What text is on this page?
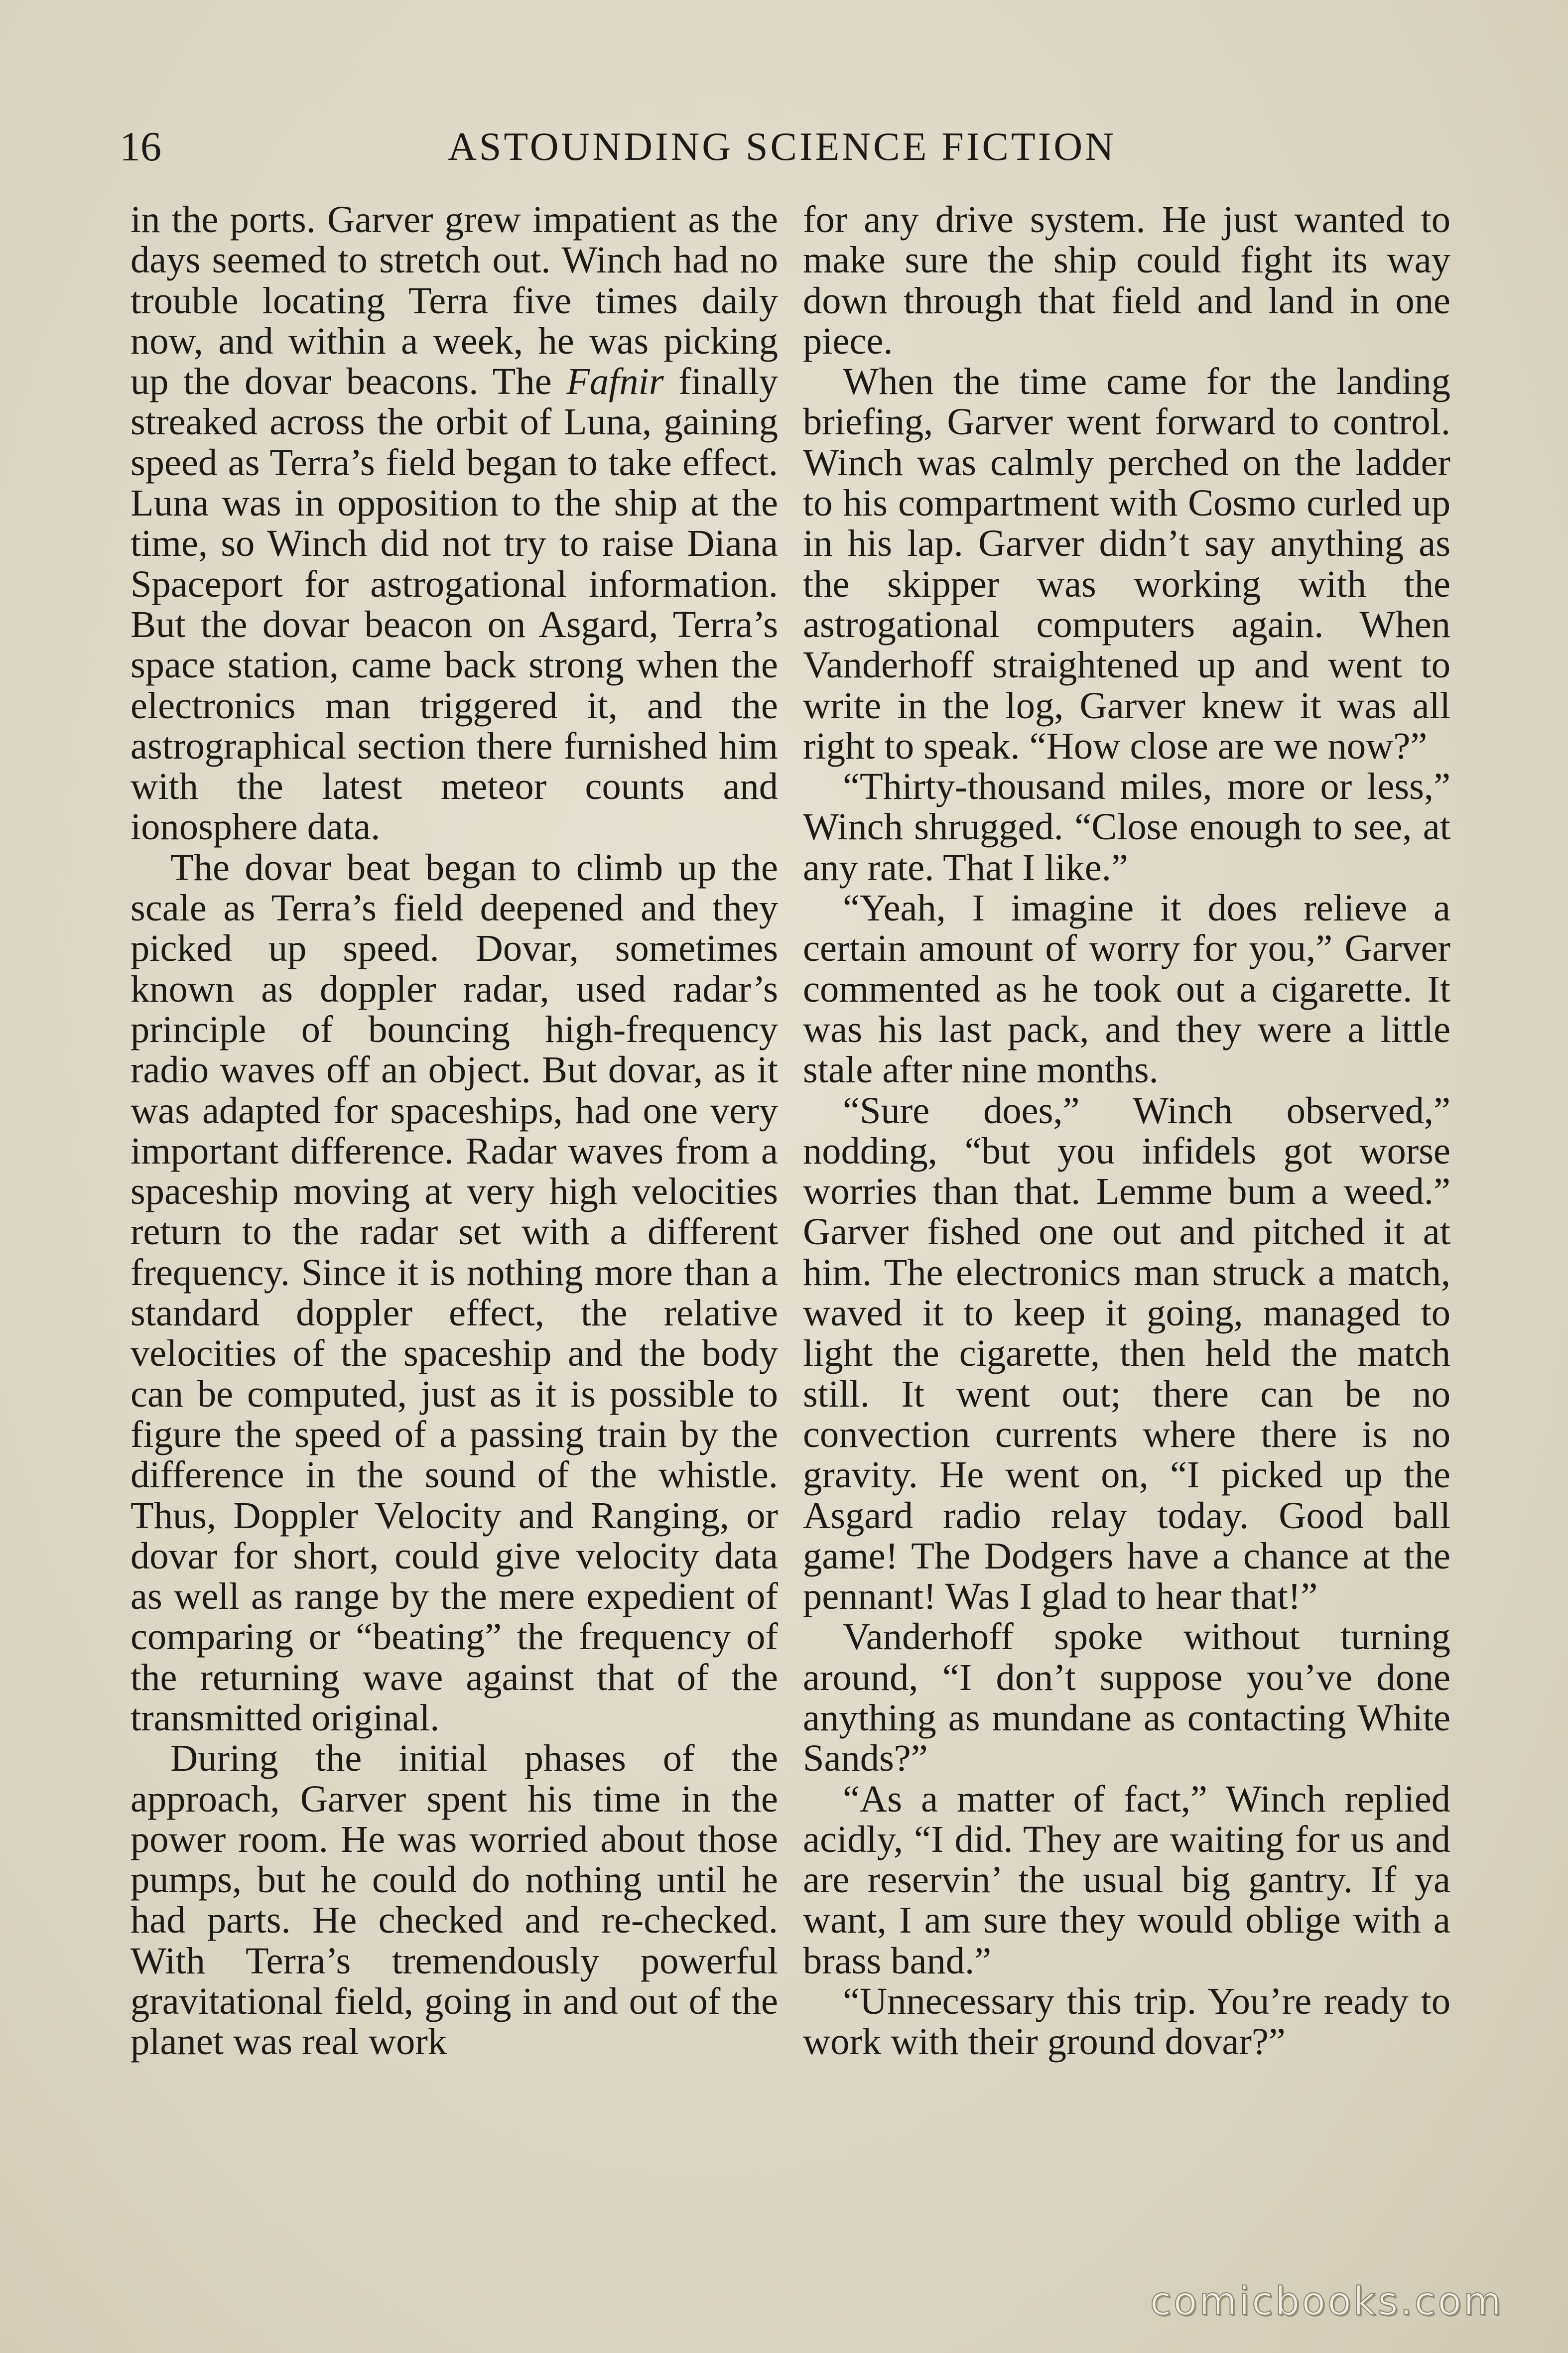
16	ASTOUNDING SCIENCE FICTION

in the ports. Garver grew impatient as the days seemed to stretch out. Winch had no trouble locating Terra five times daily now, and within a week, he was picking up the dovar beacons. The Fafnir finally streaked across the orbit of Luna, gaining speed as Terra’s field began to take effect. Luna was in opposition to the ship at the time, so Winch did not try to raise Diana Spaceport for astrogational information. But the dovar beacon on Asgard, Terra’s space station, came back strong when the electronics man triggered it, and the astrographical section there furnished him with the latest meteor counts and ionosphere data.

The dovar beat began to climb up the scale as Terra’s field deepened and they picked up speed. Dovar, sometimes known as doppler radar, used radar’s principle of bouncing high-frequency radio waves off an object. But dovar, as it was adapted for spaceships, had one very important difference. Radar waves from a spaceship moving at very high velocities return to the radar set with a different frequency. Since it is nothing more than a standard doppler effect, the relative velocities of the spaceship and the body can be computed, just as it is possible to figure the speed of a passing train by the difference in the sound of the whistle. Thus, Doppler Velocity and Ranging, or dovar for short, could give velocity data as well as range by the mere expedient of comparing or “beating” the frequency of the returning wave against that of the transmitted original.

During the initial phases of the approach, Garver spent his time in the power room. He was worried about those pumps, but he could do nothing until he had parts. He checked and re-checked. With Terra’s tremendously powerful gravitational field, going in and out of the planet was real work

for any drive system. He just wanted to make sure the ship could fight its way down through that field and land in one piece.

When the time came for the landing briefing, Garver went forward to control. Winch was calmly perched on the ladder to his compartment with Cosmo curled up in his lap. Garver didn’t say anything as the skipper was working with the astrogational computers again. When Vanderhoff straightened up and went to write in the log, Garver knew it was all right to speak. “How close are we now?”

“Thirty-thousand miles, more or less,” Winch shrugged. “Close enough to see, at any rate. That I like.”

“Yeah, I imagine it does relieve a certain amount of worry for you,” Garver commented as he took out a cigarette. It was his last pack, and they were a little stale after nine months.

“Sure does,” Winch observed,” nodding, “but you infidels got worse worries than that. Lemme bum a weed.” Garver fished one out and pitched it at him. The electronics man struck a match, waved it to keep it going, managed to light the cigarette, then held the match still. It went out; there can be no convection currents where there is no gravity. He went on, “I picked up the Asgard radio relay today. Good ball game! The Dodgers have a chance at the pennant! Was I glad to hear that!”

Vanderhoff spoke without turning around, “I don’t suppose you’ve done anything as mundane as contacting White Sands?”

“As a matter of fact,” Winch replied acidly, “I did. They are waiting for us and are reservin’ the usual big gantry. If ya want, I am sure they would oblige with a brass band.”

“Unnecessary this trip. You’re ready to work with their ground dovar?”

comicbooks.com
